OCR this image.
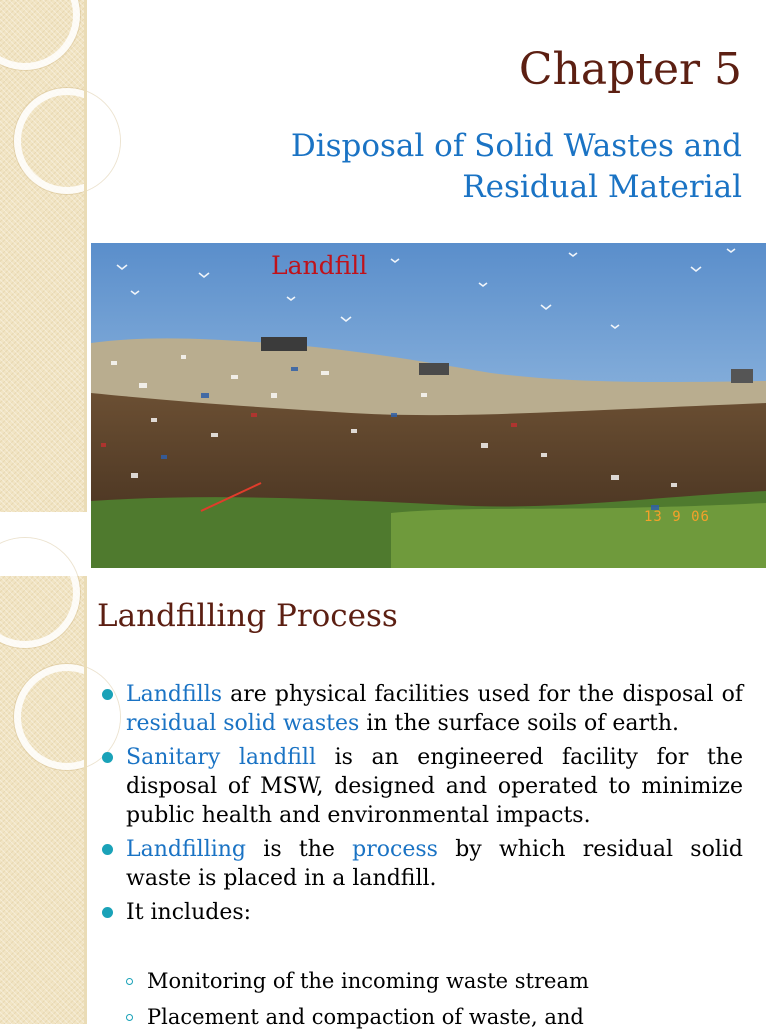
Chapter 5
Disposal of Solid Wastes and Residual Material
Landfill
13 9 06
Landfilling Process
Landfills are physical facilities used for the disposal of residual solid wastes in the surface soils of earth.
Sanitary landfill is an engineered facility for the disposal of MSW, designed and operated to minimize public health and environmental impacts.
Landfilling is the process by which residual solid waste is placed in a landfill.
It includes:
Monitoring of the incoming waste stream
Placement and compaction of waste, and
